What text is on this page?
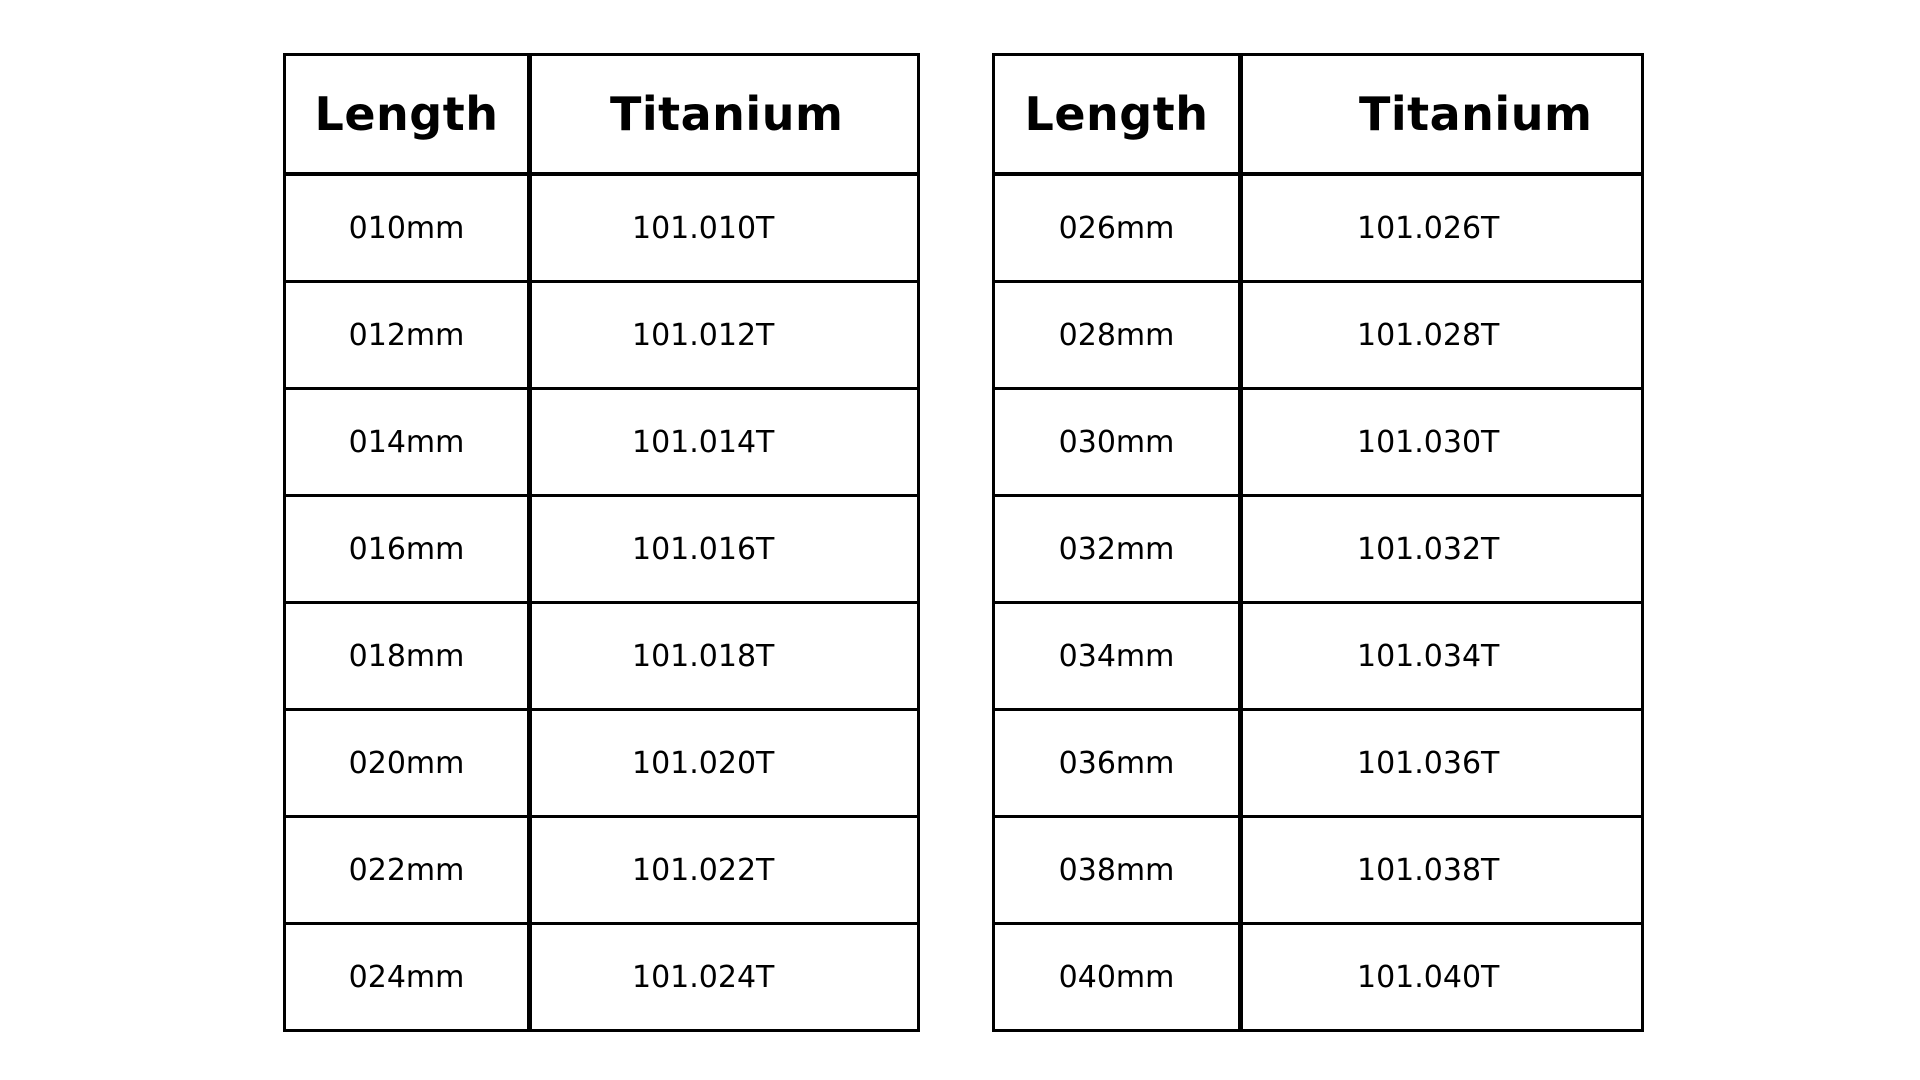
Length	Titanium
010mm	101.010T
012mm	101.012T
014mm	101.014T
016mm	101.016T
018mm	101.018T
020mm	101.020T
022mm	101.022T
024mm	101.024T
Length	Titanium
026mm	101.026T
028mm	101.028T
030mm	101.030T
032mm	101.032T
034mm	101.034T
036mm	101.036T
038mm	101.038T
040mm	101.040T
